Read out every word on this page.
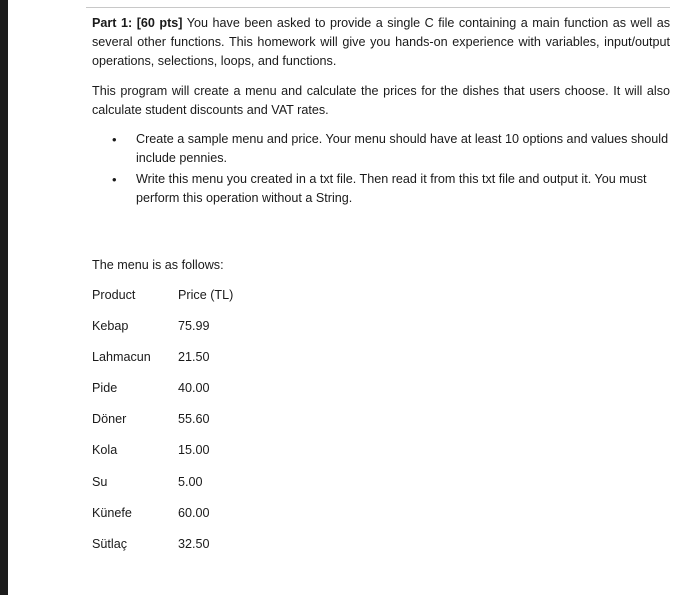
Part 1: [60 pts] You have been asked to provide a single C file containing a main function as well as several other functions. This homework will give you hands-on experience with variables, input/output operations, selections, loops, and functions.

This program will create a menu and calculate the prices for the dishes that users choose. It will also calculate student discounts and VAT rates.

• Create a sample menu and price. Your menu should have at least 10 options and values should include pennies.
• Write this menu you created in a txt file. Then read it from this txt file and output it. You must perform this operation without a String.

The menu is as follows:

Product	Price (TL)
Kebap	75.99
Lahmacun	21.50
Pide	40.00
Döner	55.60
Kola	15.00
Su	5.00
Künefe	60.00
Sütlaç	32.50
